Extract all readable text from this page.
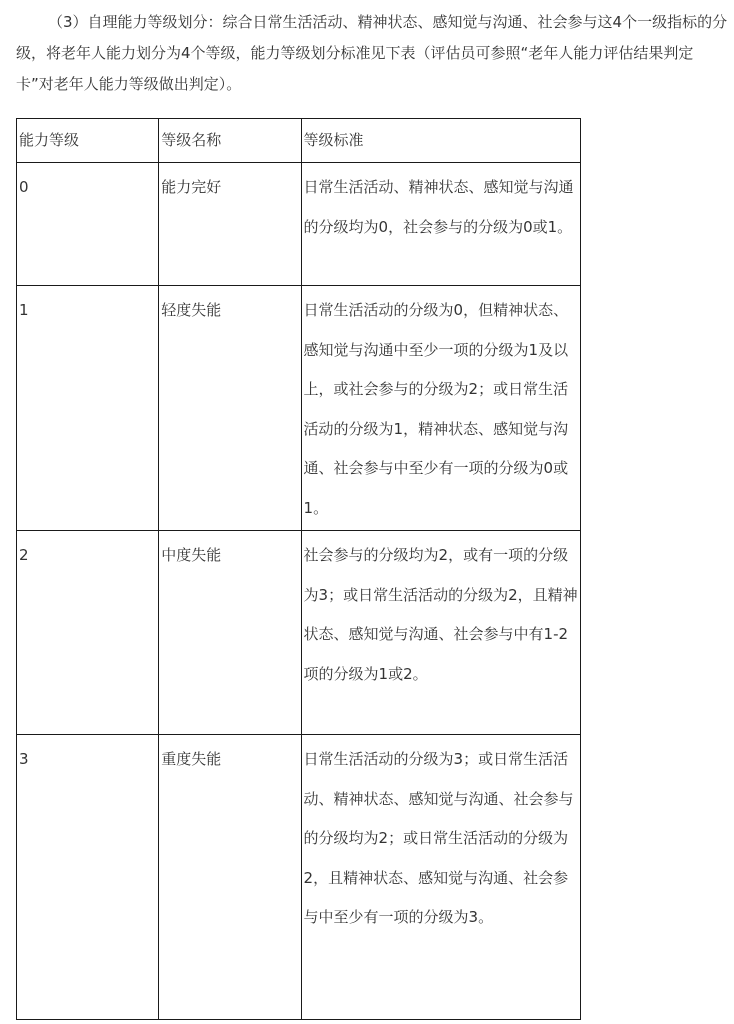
（3）自理能力等级划分：综合日常生活活动、精神状态、感知觉与沟通、社会参与这4个一级指标的分级，将老年人能力划分为4个等级，能力等级划分标准见下表（评估员可参照“老年人能力评估结果判定卡”对老年人能力等级做出判定）。

能力等级	等级名称	等级标准

0	能力完好	日常生活活动、精神状态、感知觉与沟通的分级均为0，社会参与的分级为0或1。

1	轻度失能	日常生活活动的分级为0，但精神状态、感知觉与沟通中至少一项的分级为1及以上，或社会参与的分级为2；或日常生活活动的分级为1，精神状态、感知觉与沟通、社会参与中至少有一项的分级为0或1。

2	中度失能	社会参与的分级均为2，或有一项的分级为3；或日常生活活动的分级为2，且精神状态、感知觉与沟通、社会参与中有1-2项的分级为1或2。

3	重度失能	日常生活活动的分级为3；或日常生活活动、精神状态、感知觉与沟通、社会参与的分级均为2；或日常生活活动的分级为2，且精神状态、感知觉与沟通、社会参与中至少有一项的分级为3。
